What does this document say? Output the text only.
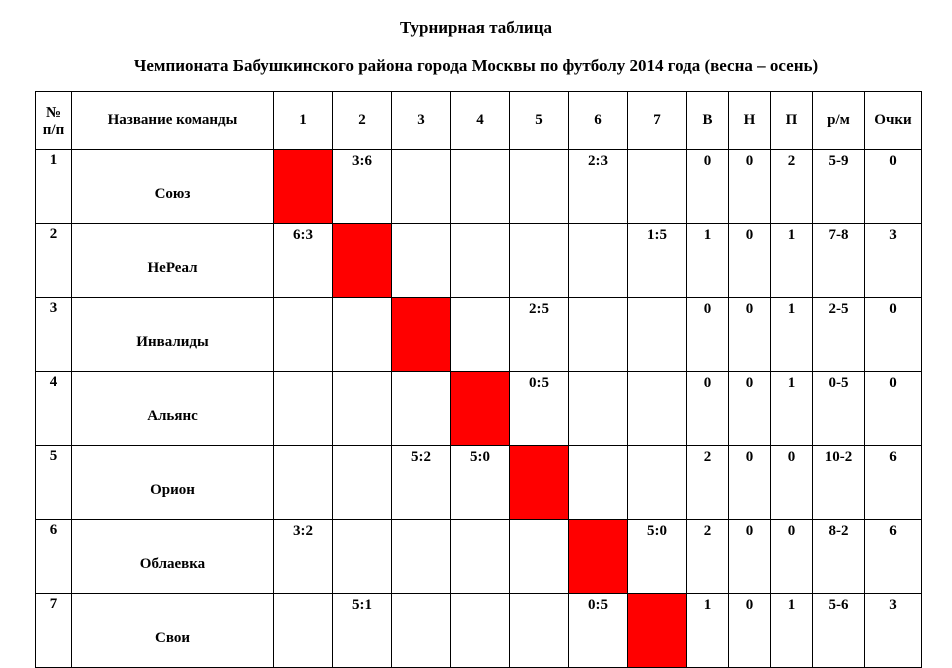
Турнирная таблица
Чемпионата Бабушкинского района города Москвы по футболу 2014 года (весна – осень)
№
п/п	Название команды	1	2	3	4	5	6	7	В	Н	П	р/м	Очки
1	Союз		3:6				2:3		0	0	2	5-9	0
2	НеРеал	6:3						1:5	1	0	1	7-8	3
3	Инвалиды					2:5			0	0	1	2-5	0
4	Альянс					0:5			0	0	1	0-5	0
5	Орион			5:2	5:0				2	0	0	10-2	6
6	Облаевка	3:2						5:0	2	0	0	8-2	6
7	Свои		5:1				0:5		1	0	1	5-6	3
